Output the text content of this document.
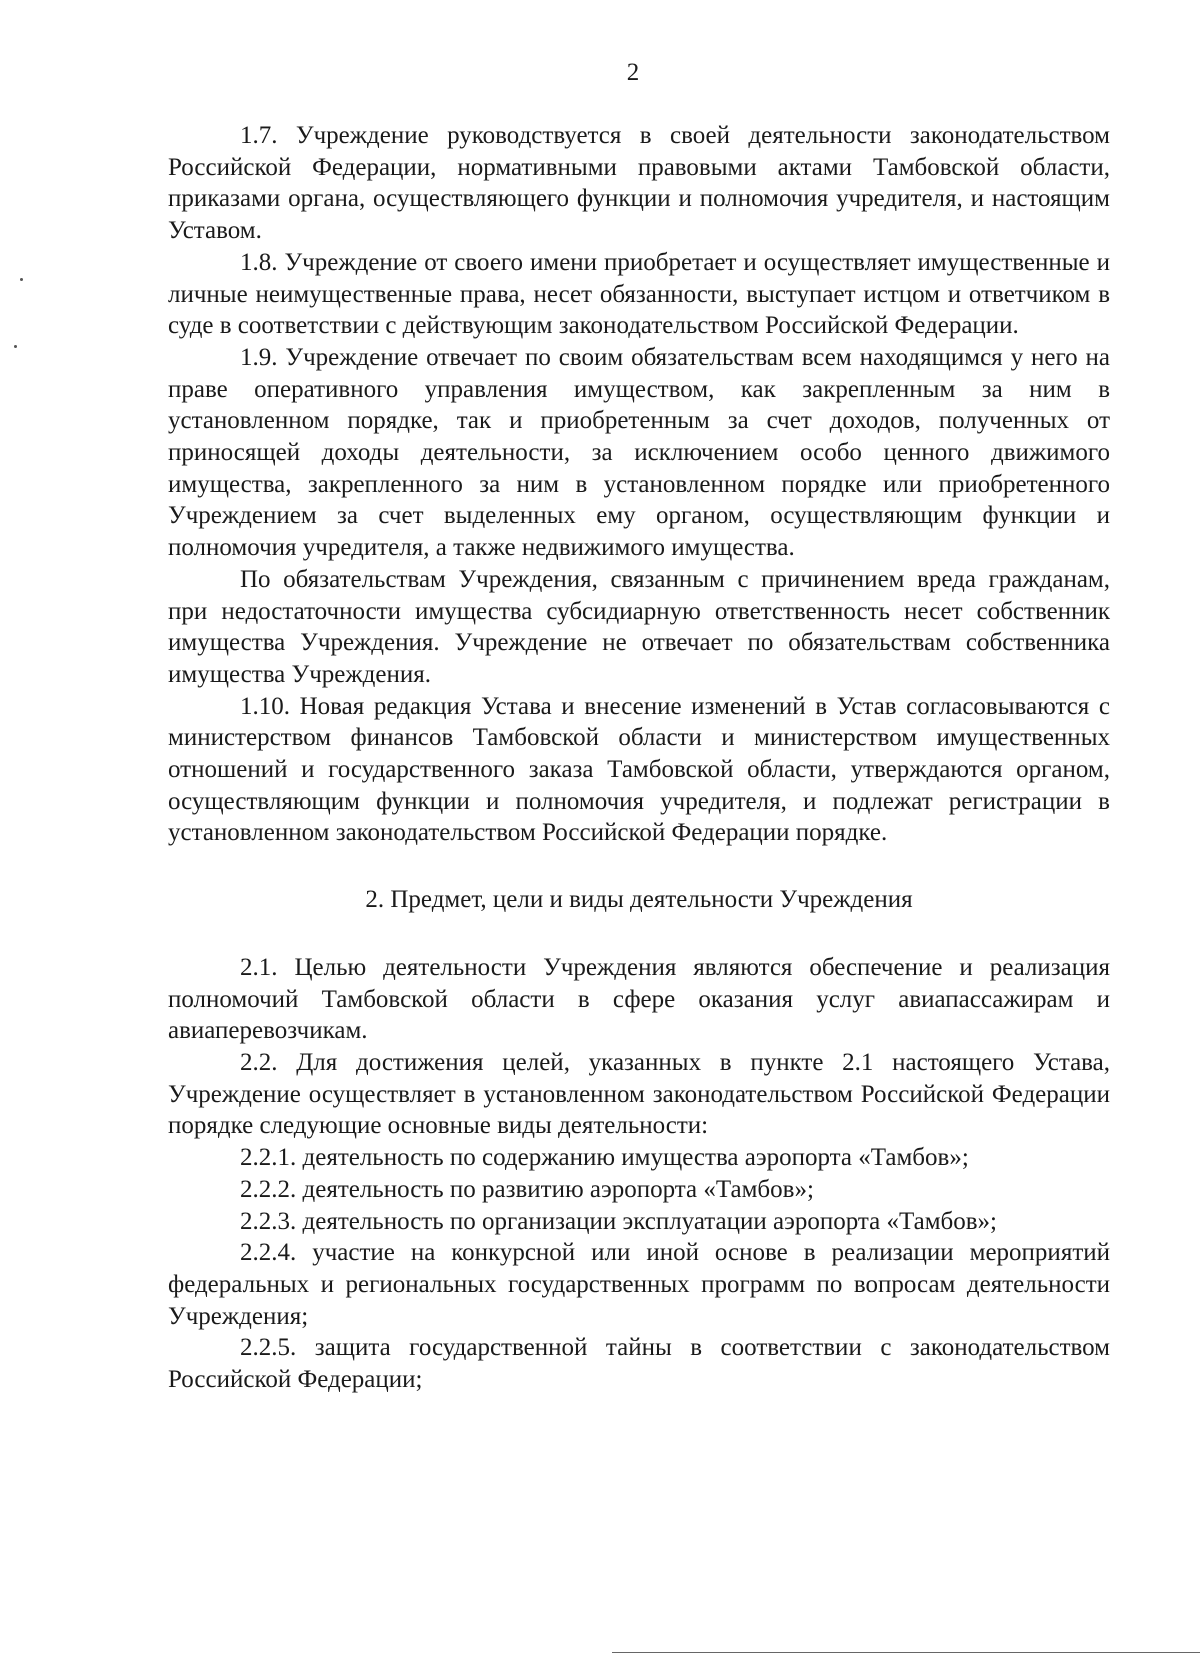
2

1.7. Учреждение руководствуется в своей деятельности законодательством Российской Федерации, нормативными правовыми актами Тамбовской области, приказами органа, осуществляющего функции и полномочия учредителя, и настоящим Уставом.

1.8. Учреждение от своего имени приобретает и осуществляет имущественные и личные неимущественные права, несет обязанности, выступает истцом и ответчиком в суде в соответствии с действующим законодательством Российской Федерации.

1.9. Учреждение отвечает по своим обязательствам всем находящимся у него на праве оперативного управления имуществом, как закрепленным за ним в установленном порядке, так и приобретенным за счет доходов, полученных от приносящей доходы деятельности, за исключением особо ценного движимого имущества, закрепленного за ним в установленном порядке или приобретенного Учреждением за счет выделенных ему органом, осуществляющим функции и полномочия учредителя, а также недвижимого имущества.

По обязательствам Учреждения, связанным с причинением вреда гражданам, при недостаточности имущества субсидиарную ответственность несет собственник имущества Учреждения. Учреждение не отвечает по обязательствам собственника имущества Учреждения.

1.10. Новая редакция Устава и внесение изменений в Устав согласовываются с министерством финансов Тамбовской области и министерством имущественных отношений и государственного заказа Тамбовской области, утверждаются органом, осуществляющим функции и полномочия учредителя, и подлежат регистрации в установленном законодательством Российской Федерации порядке.

2. Предмет, цели и виды деятельности Учреждения

2.1. Целью деятельности Учреждения являются обеспечение и реализация полномочий Тамбовской области в сфере оказания услуг авиапассажирам и авиаперевозчикам.

2.2. Для достижения целей, указанных в пункте 2.1 настоящего Устава, Учреждение осуществляет в установленном законодательством Российской Федерации порядке следующие основные виды деятельности:

2.2.1. деятельность по содержанию имущества аэропорта «Тамбов»;

2.2.2. деятельность по развитию аэропорта «Тамбов»;

2.2.3. деятельность по организации эксплуатации аэропорта «Тамбов»;

2.2.4. участие на конкурсной или иной основе в реализации мероприятий федеральных и региональных государственных программ по вопросам деятельности Учреждения;

2.2.5. защита государственной тайны в соответствии с законодательством Российской Федерации;
